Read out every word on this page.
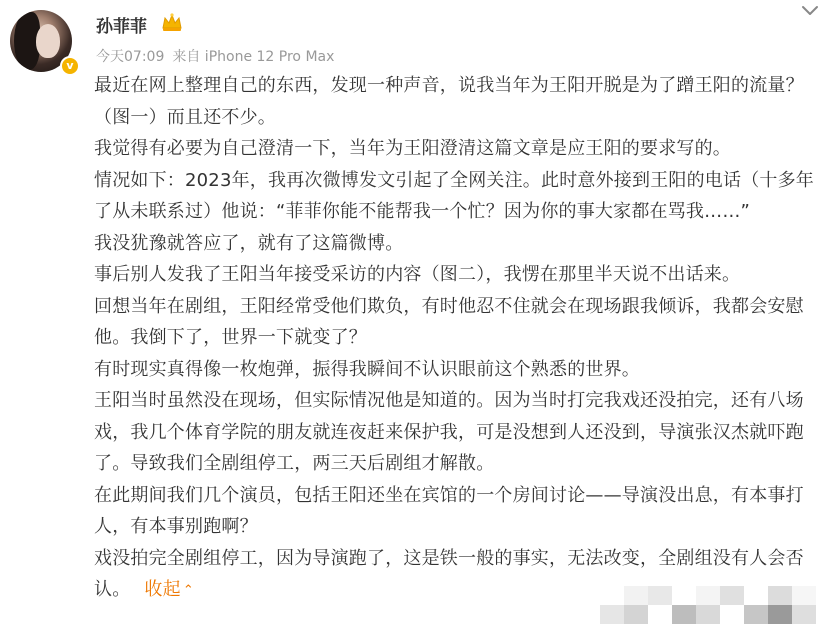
v
孙菲菲
今天07:09 来自 iPhone 12 Pro Max

最近在网上整理自己的东西，发现一种声音，说我当年为王阳开脱是为了蹭王阳的流量？（图一）而且还不少。

我觉得有必要为自己澄清一下，当年为王阳澄清这篇文章是应王阳的要求写的。

情况如下：2023年，我再次微博发文引起了全网关注。此时意外接到王阳的电话（十多年了从未联系过）他说：“菲菲你能不能帮我一个忙？因为你的事大家都在骂我……”

我没犹豫就答应了，就有了这篇微博。

事后别人发我了王阳当年接受采访的内容（图二），我愣在那里半天说不出话来。

回想当年在剧组，王阳经常受他们欺负，有时他忍不住就会在现场跟我倾诉，我都会安慰他。我倒下了，世界一下就变了？

有时现实真得像一枚炮弹，振得我瞬间不认识眼前这个熟悉的世界。

王阳当时虽然没在现场，但实际情况他是知道的。因为当时打完我戏还没拍完，还有八场戏，我几个体育学院的朋友就连夜赶来保护我，可是没想到人还没到，导演张汉杰就吓跑了。导致我们全剧组停工，两三天后剧组才解散。

在此期间我们几个演员，包括王阳还坐在宾馆的一个房间讨论——导演没出息，有本事打人，有本事别跑啊？

戏没拍完全剧组停工，因为导演跑了，这是铁一般的事实，无法改变，全剧组没有人会否认。 收起 ⌃
